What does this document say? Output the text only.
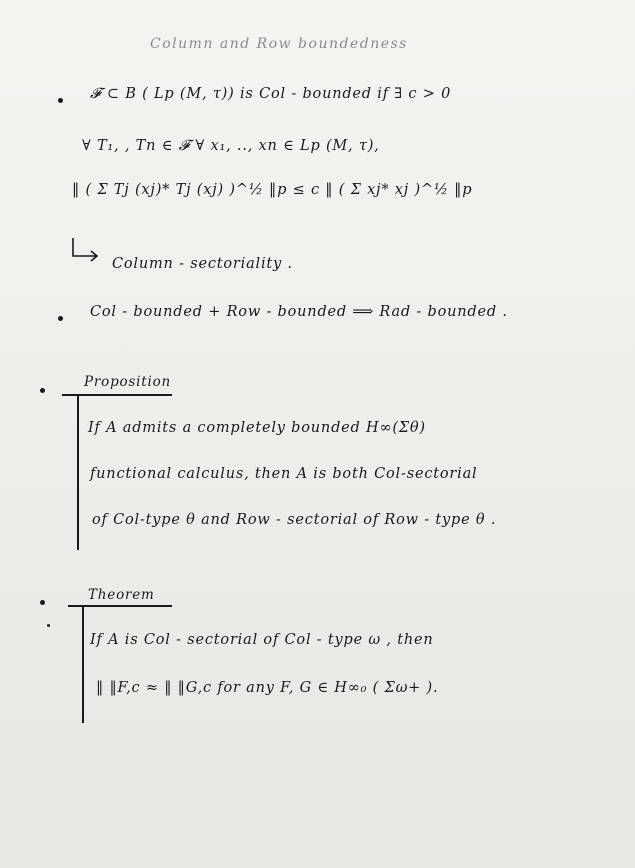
Column and Row boundedness
𝓕 ⊂ B ( Lp (M, τ)) is Col - bounded if ∃ c > 0
∀ T₁, , Tn ∈ 𝓕 ∀ x₁, .., xn ∈ Lp (M, τ),
‖ ( Σ Tj (xj)* Tj (xj) )^½ ‖p ≤ c ‖ ( Σ xj* xj )^½ ‖p
Column - sectoriality .
Col - bounded + Row - bounded ⟹ Rad - bounded .
Proposition
If A admits a completely bounded H∞(Σθ)
functional calculus, then A is both Col-sectorial
of Col-type θ and Row - sectorial of Row - type θ .
Theorem
If A is Col - sectorial of Col - type ω , then
‖ ‖F,c ≈ ‖ ‖G,c for any F, G ∈ H∞₀ ( Σω+ ).
